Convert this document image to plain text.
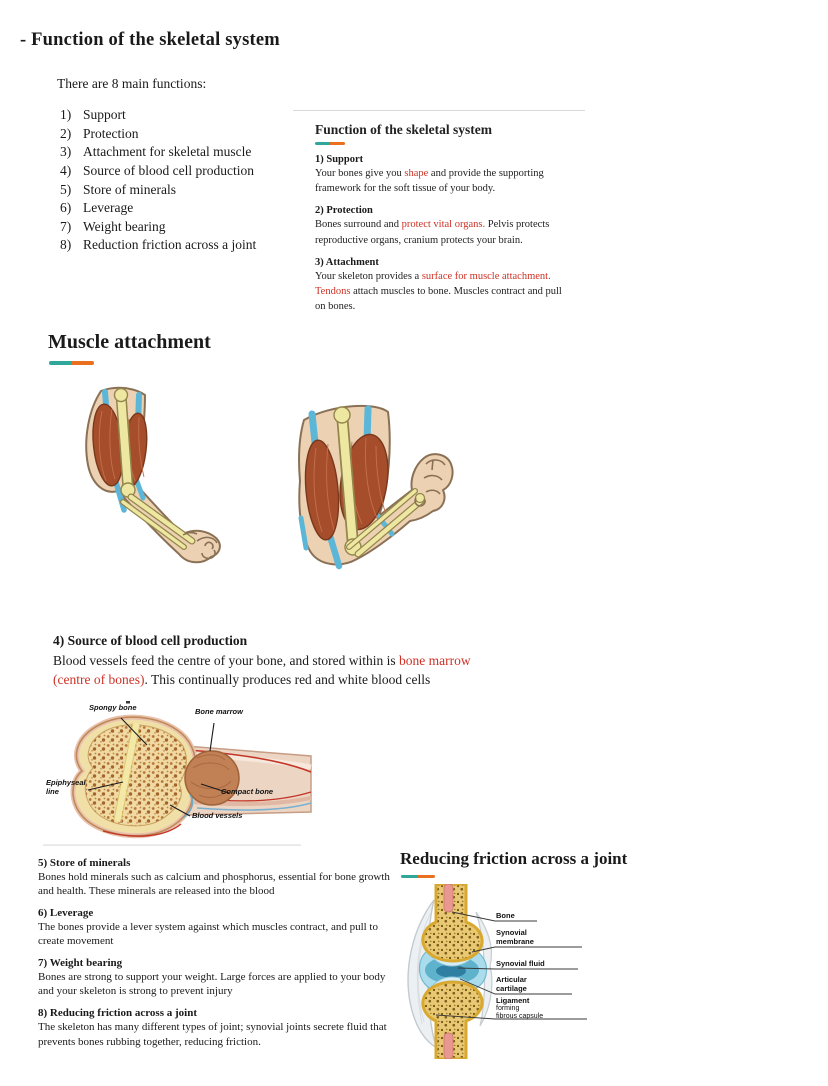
- Function of the skeletal system
There are 8 main functions:
1) Support
2) Protection
3) Attachment for skeletal muscle
4) Source of blood cell production
5) Store of minerals
6) Leverage
7) Weight bearing
8) Reduction friction across a joint
Function of the skeletal system
1) Support

Your bones give you shape and provide the supporting framework for the soft tissue of your body.

2) Protection

Bones surround and protect vital organs. Pelvis protects reproductive organs, cranium protects your brain.

3) Attachment

Your skeleton provides a surface for muscle attachment. Tendons attach muscles to bone. Muscles contract and pull on bones.

Muscle attachment
4) Source of blood cell production

Blood vessels feed the centre of your bone, and stored within is bone marrow (centre of bones). This continually produces red and white blood cells

Spongy bone	Bone marrow
Epiphyseal line	Compact bone
Blood vessels
5) Store of minerals

Bones hold minerals such as calcium and phosphorus, essential for bone growth and health. These minerals are released into the blood

6) Leverage

The bones provide a lever system against which muscles contract, and pull to create movement

7) Weight bearing

Bones are strong to support your weight. Large forces are applied to your body and your skeleton is strong to prevent injury

8) Reducing friction across a joint

The skeleton has many different types of joint; synovial joints secrete fluid that prevents bones rubbing together, reducing friction.

Reducing friction across a joint
Bone
Synovial membrane
Synovial fluid
Articular cartilage
Ligament
forming
fibrous capsule
